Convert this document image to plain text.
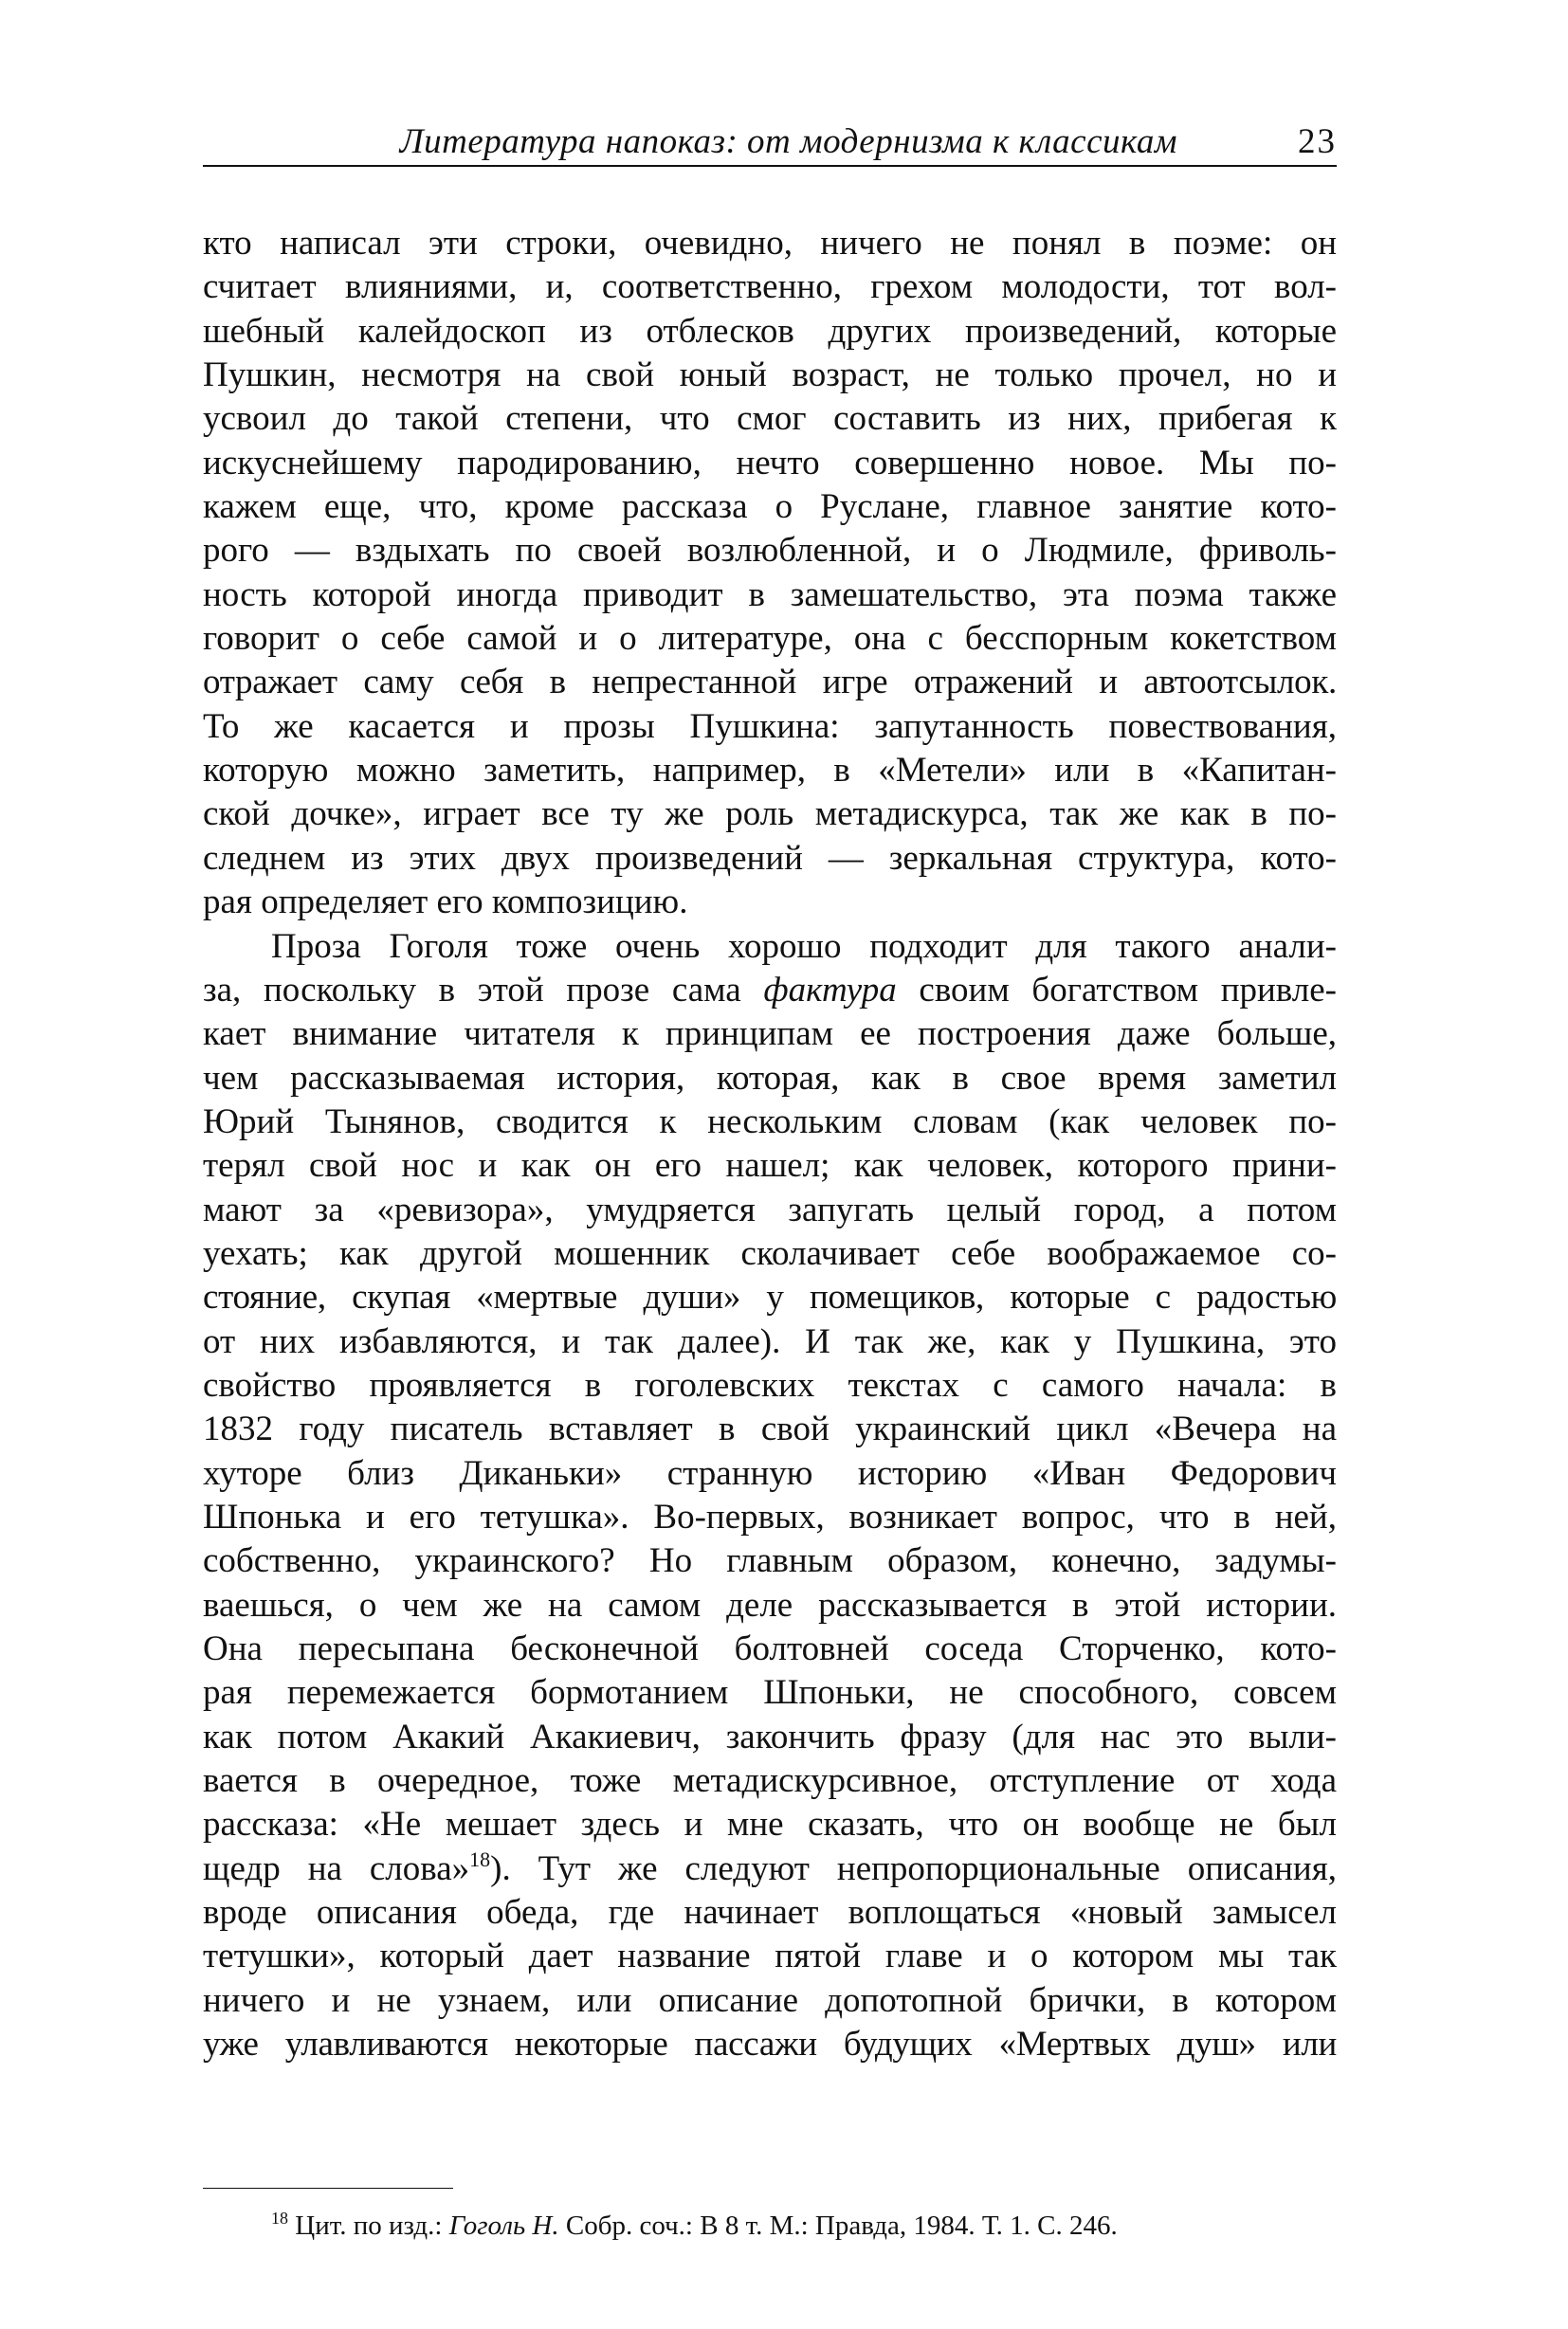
Литература напоказ: от модернизма к классикам	23
кто написал эти строки, очевидно, ничего не понял в поэме: он
считает влияниями, и, соответственно, грехом молодости, тот вол-
шебный калейдоскоп из отблесков других произведений, которые
Пушкин, несмотря на свой юный возраст, не только прочел, но и
усвоил до такой степени, что смог составить из них, прибегая к
искуснейшему пародированию, нечто совершенно новое. Мы по-
кажем еще, что, кроме рассказа о Руслане, главное занятие кото-
рого — вздыхать по своей возлюбленной, и о Людмиле, фриволь-
ность которой иногда приводит в замешательство, эта поэма также
говорит о себе самой и о литературе, она с бесспорным кокетством
отражает саму себя в непрестанной игре отражений и автоотсылок.
То же касается и прозы Пушкина: запутанность повествования,
которую можно заметить, например, в «Метели» или в «Капитан-
ской дочке», играет все ту же роль метадискурса, так же как в по-
следнем из этих двух произведений — зеркальная структура, кото-
рая определяет его композицию.
Проза Гоголя тоже очень хорошо подходит для такого анали-
за, поскольку в этой прозе сама фактура своим богатством привле-
кает внимание читателя к принципам ее построения даже больше,
чем рассказываемая история, которая, как в свое время заметил
Юрий Тынянов, сводится к нескольким словам (как человек по-
терял свой нос и как он его нашел; как человек, которого прини-
мают за «ревизора», умудряется запугать целый город, а потом
уехать; как другой мошенник сколачивает себе воображаемое со-
стояние, скупая «мертвые души» у помещиков, которые с радостью
от них избавляются, и так далее). И так же, как у Пушкина, это
свойство проявляется в гоголевских текстах с самого начала: в
1832 году писатель вставляет в свой украинский цикл «Вечера на
хуторе близ Диканьки» странную историю «Иван Федорович
Шпонька и его тетушка». Во-первых, возникает вопрос, что в ней,
собственно, украинского? Но главным образом, конечно, задумы-
ваешься, о чем же на самом деле рассказывается в этой истории.
Она пересыпана бесконечной болтовней соседа Сторченко, кото-
рая перемежается бормотанием Шпоньки, не способного, совсем
как потом Акакий Акакиевич, закончить фразу (для нас это выли-
вается в очередное, тоже метадискурсивное, отступление от хода
рассказа: «Не мешает здесь и мне сказать, что он вообще не был
щедр на слова»$^{18}$). Тут же следуют непропорциональные описания,
вроде описания обеда, где начинает воплощаться «новый замысел
тетушки», который дает название пятой главе и о котором мы так
ничего и не узнаем, или описание допотопной брички, в котором
уже улавливаются некоторые пассажи будущих «Мертвых душ» или
$^{18}$ Цит. по изд.: Гоголь Н. Собр. соч.: В 8 т. М.: Правда, 1984. Т. 1. С. 246.
